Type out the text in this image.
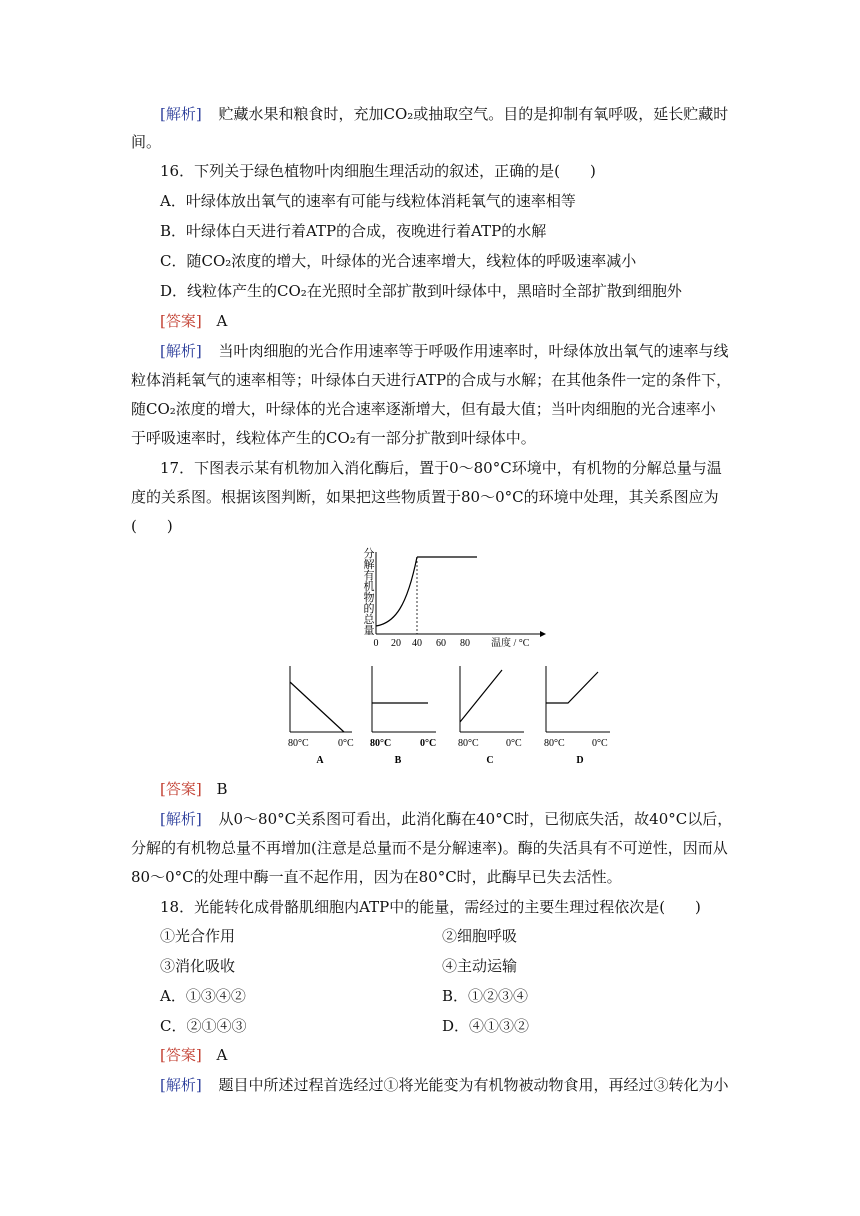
[解析] 贮藏水果和粮食时，充加CO₂或抽取空气。目的是抑制有氧呼吸，延长贮藏时
间。
16．下列关于绿色植物叶肉细胞生理活动的叙述，正确的是(　　)
A．叶绿体放出氧气的速率有可能与线粒体消耗氧气的速率相等
B．叶绿体白天进行着ATP的合成，夜晚进行着ATP的水解
C．随CO₂浓度的增大，叶绿体的光合速率增大，线粒体的呼吸速率减小
D．线粒体产生的CO₂在光照时全部扩散到叶绿体中，黑暗时全部扩散到细胞外
[答案] A
[解析] 当叶肉细胞的光合作用速率等于呼吸作用速率时，叶绿体放出氧气的速率与线
粒体消耗氧气的速率相等；叶绿体白天进行ATP的合成与水解；在其他条件一定的条件下，
随CO₂浓度的增大，叶绿体的光合速率逐渐增大，但有最大值；当叶肉细胞的光合速率小
于呼吸速率时，线粒体产生的CO₂有一部分扩散到叶绿体中。
17．下图表示某有机物加入消化酶后，置于0～80°C环境中，有机物的分解总量与温
度的关系图。根据该图判断，如果把这些物质置于80～0°C的环境中处理，其关系图应为
(　　)
分
解
有
机
物
的
总
量
0 20 40 60 80 温度 / °C
80°C	0°C
A
80°C	0°C
B
80°C	0°C
C
80°C	0°C
D
[答案] B
[解析] 从0～80°C关系图可看出，此消化酶在40°C时，已彻底失活，故40°C以后，
分解的有机物总量不再增加(注意是总量而不是分解速率)。酶的失活具有不可逆性，因而从
80～0°C的处理中酶一直不起作用，因为在80°C时，此酶早已失去活性。
18．光能转化成骨骼肌细胞内ATP中的能量，需经过的主要生理过程依次是(　　)
①光合作用	②细胞呼吸
③消化吸收	④主动运输
A．①③④②	B．①②③④
C．②①④③	D．④①③②
[答案] A
[解析] 题目中所述过程首选经过①将光能变为有机物被动物食用，再经过③转化为小
